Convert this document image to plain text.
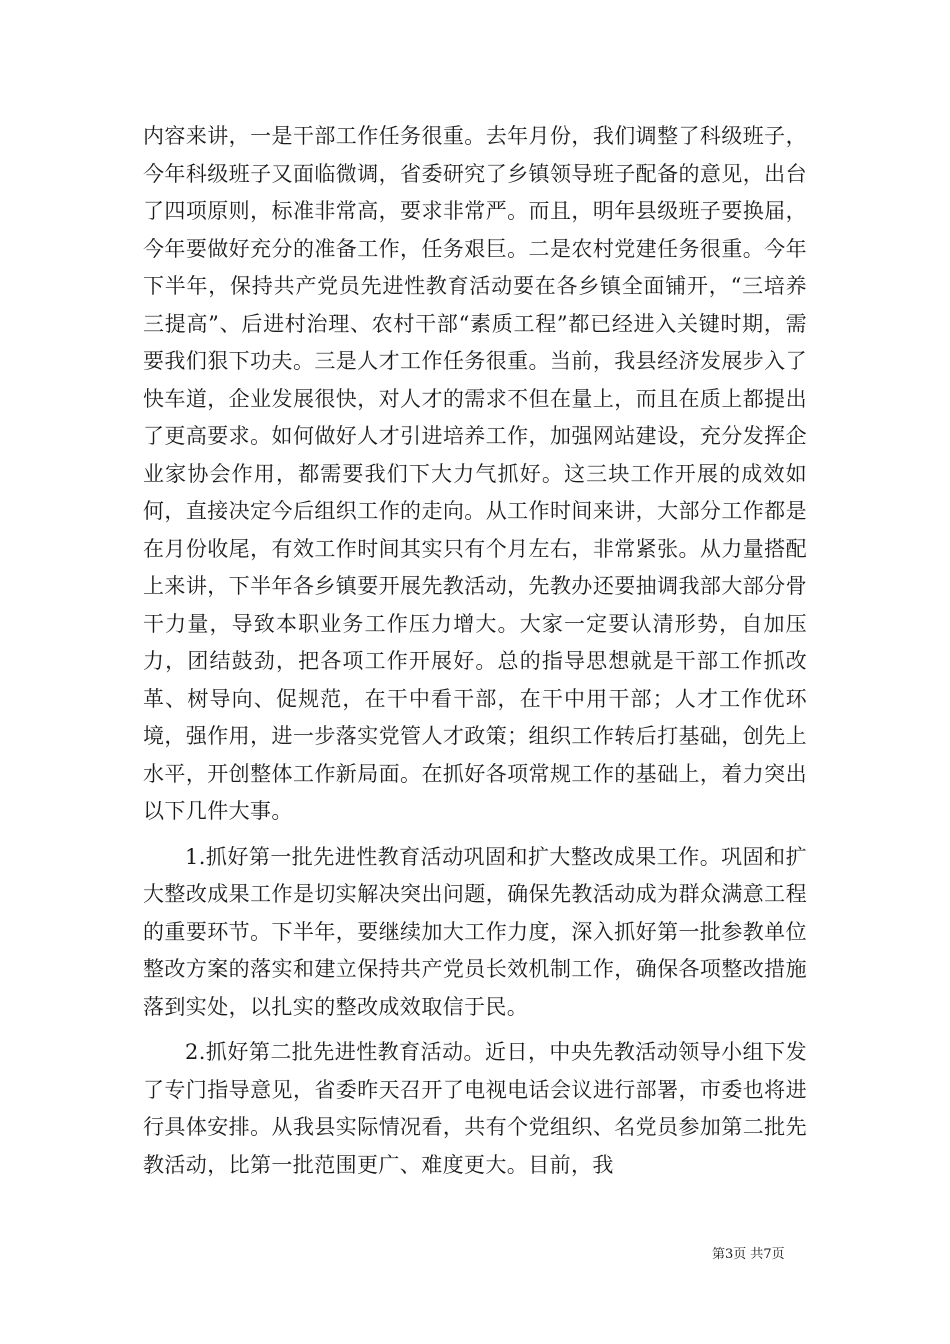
内容来讲，一是干部工作任务很重。去年月份，我们调整了科级班子，今年科级班子又面临微调，省委研究了乡镇领导班子配备的意见，出台了四项原则，标准非常高，要求非常严。而且，明年县级班子要换届，今年要做好充分的准备工作，任务艰巨。二是农村党建任务很重。今年下半年，保持共产党员先进性教育活动要在各乡镇全面铺开，“三培养三提高”、后进村治理、农村干部“素质工程”都已经进入关键时期，需要我们狠下功夫。三是人才工作任务很重。当前，我县经济发展步入了快车道，企业发展很快，对人才的需求不但在量上，而且在质上都提出了更高要求。如何做好人才引进培养工作，加强网站建设，充分发挥企业家协会作用，都需要我们下大力气抓好。这三块工作开展的成效如何，直接决定今后组织工作的走向。从工作时间来讲，大部分工作都是在月份收尾，有效工作时间其实只有个月左右，非常紧张。从力量搭配上来讲，下半年各乡镇要开展先教活动，先教办还要抽调我部大部分骨干力量，导致本职业务工作压力增大。大家一定要认清形势，自加压力，团结鼓劲，把各项工作开展好。总的指导思想就是干部工作抓改革、树导向、促规范，在干中看干部，在干中用干部；人才工作优环境，强作用，进一步落实党管人才政策；组织工作转后打基础，创先上水平，开创整体工作新局面。在抓好各项常规工作的基础上，着力突出以下几件大事。

1.抓好第一批先进性教育活动巩固和扩大整改成果工作。巩固和扩大整改成果工作是切实解决突出问题，确保先教活动成为群众满意工程的重要环节。下半年，要继续加大工作力度，深入抓好第一批参教单位整改方案的落实和建立保持共产党员长效机制工作，确保各项整改措施落到实处，以扎实的整改成效取信于民。

2.抓好第二批先进性教育活动。近日，中央先教活动领导小组下发了专门指导意见，省委昨天召开了电视电话会议进行部署，市委也将进行具体安排。从我县实际情况看，共有个党组织、名党员参加第二批先教活动，比第一批范围更广、难度更大。目前，我

第3页 共7页
